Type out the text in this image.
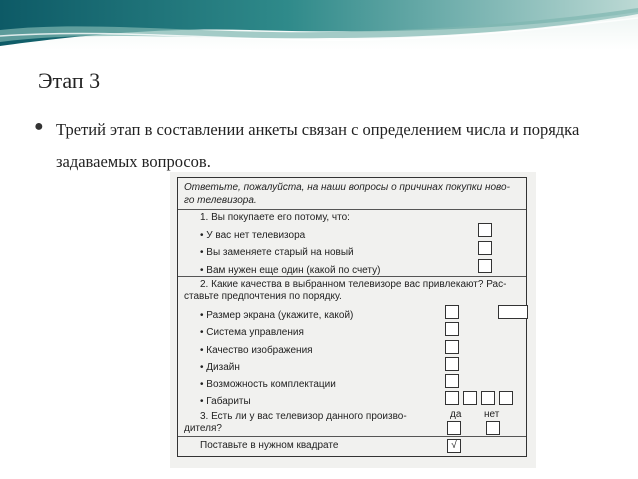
Этап 3
● Третий этап в составлении анкеты связан с определением числа и порядка задаваемых вопросов.
Ответьте, пожалуйста, на наши вопросы о причинах покупки ново-
го телевизора.
1. Вы покупаете его потому, что:
• У вас нет телевизора
• Вы заменяете старый на новый
• Вам нужен еще один (какой по счету)
2. Какие качества в выбранном телевизоре вас привлекают? Рас-
ставьте предпочтения по порядку.
• Размер экрана (укажите, какой)
• Система управления
• Качество изображения
• Дизайн
• Возможность комплектации
• Габариты
3. Есть ли у вас телевизор данного произво-
дителя?
да нет
Поставьте в нужном квадрате	√
